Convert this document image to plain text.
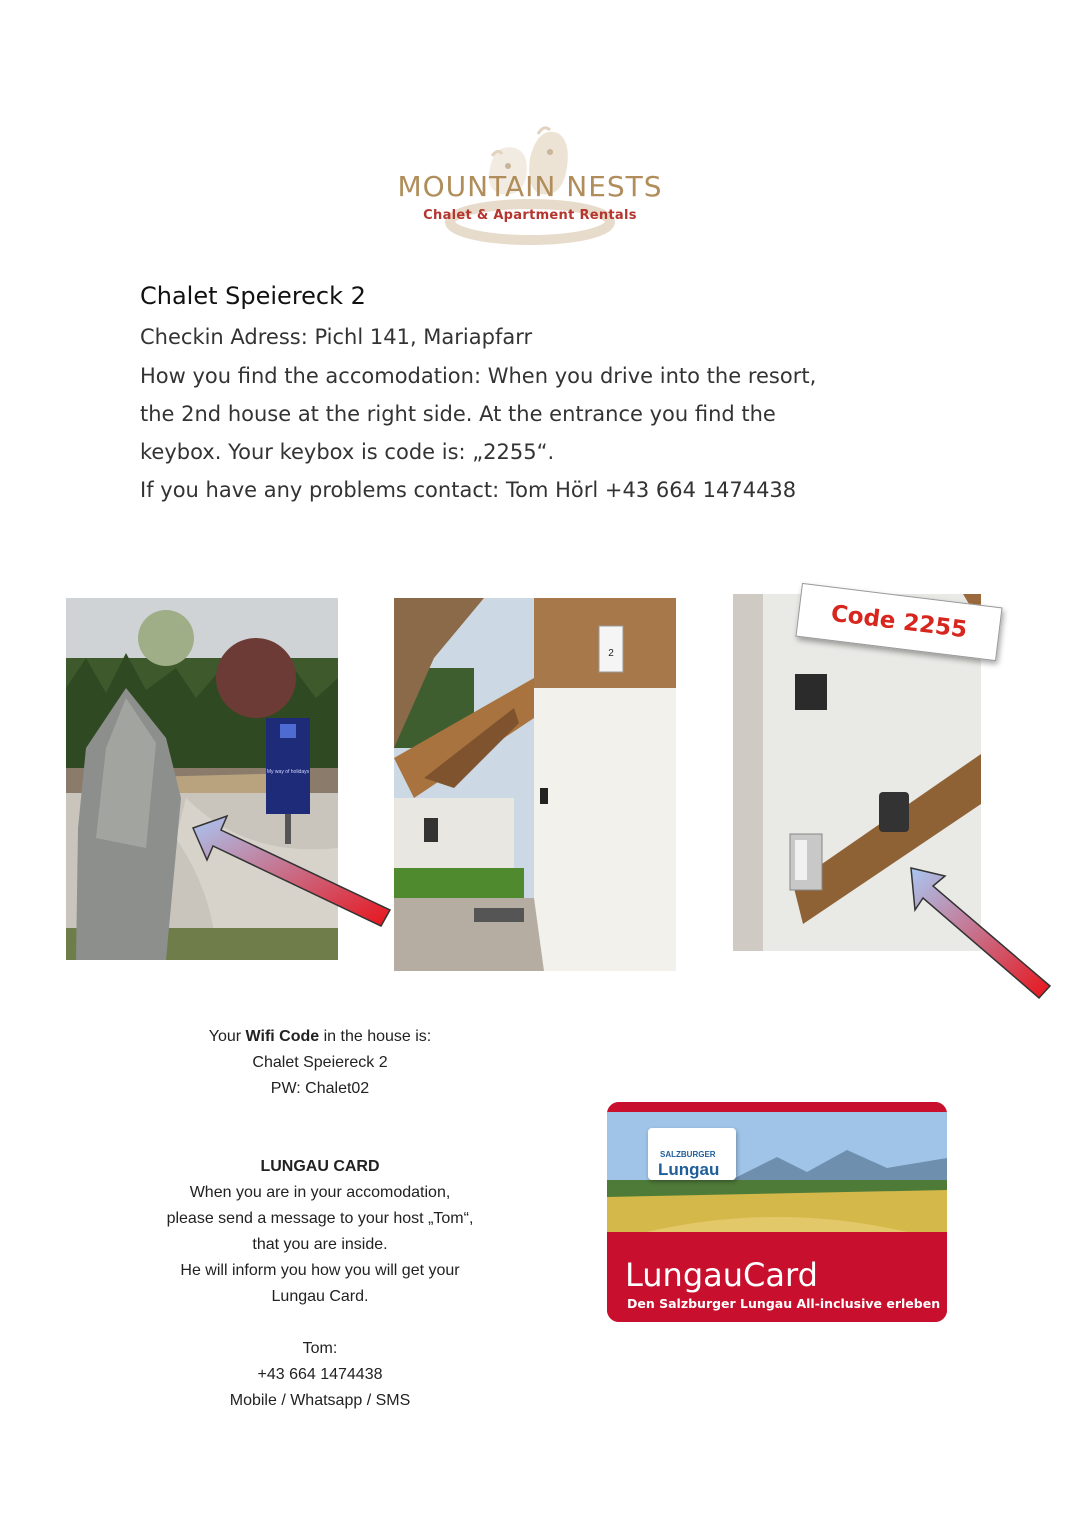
MOUNTAIN NESTS
Chalet & Apartment Rentals
Chalet Speiereck 2
Checkin Adress: Pichl 141, Mariapfarr
How you find the accomodation: When you drive into the resort,
the 2nd house at the right side. At the entrance you find the
keybox. Your keybox is code is: „2255“.
If you have any problems contact: Tom Hörl +43 664 1474438
My way of holidays
2
Code 2255
Your Wifi Code in the house is:
Chalet Speiereck 2
PW: Chalet02
LUNGAU CARD
When you are in your accomodation,
please send a message to your host „Tom“,
that you are inside.
He will inform you how you will get your
Lungau Card.
Tom:
+43 664 1474438
Mobile / Whatsapp / SMS
SALZBURGER
Lungau
LungauCard
Den Salzburger Lungau All-inclusive erleben
